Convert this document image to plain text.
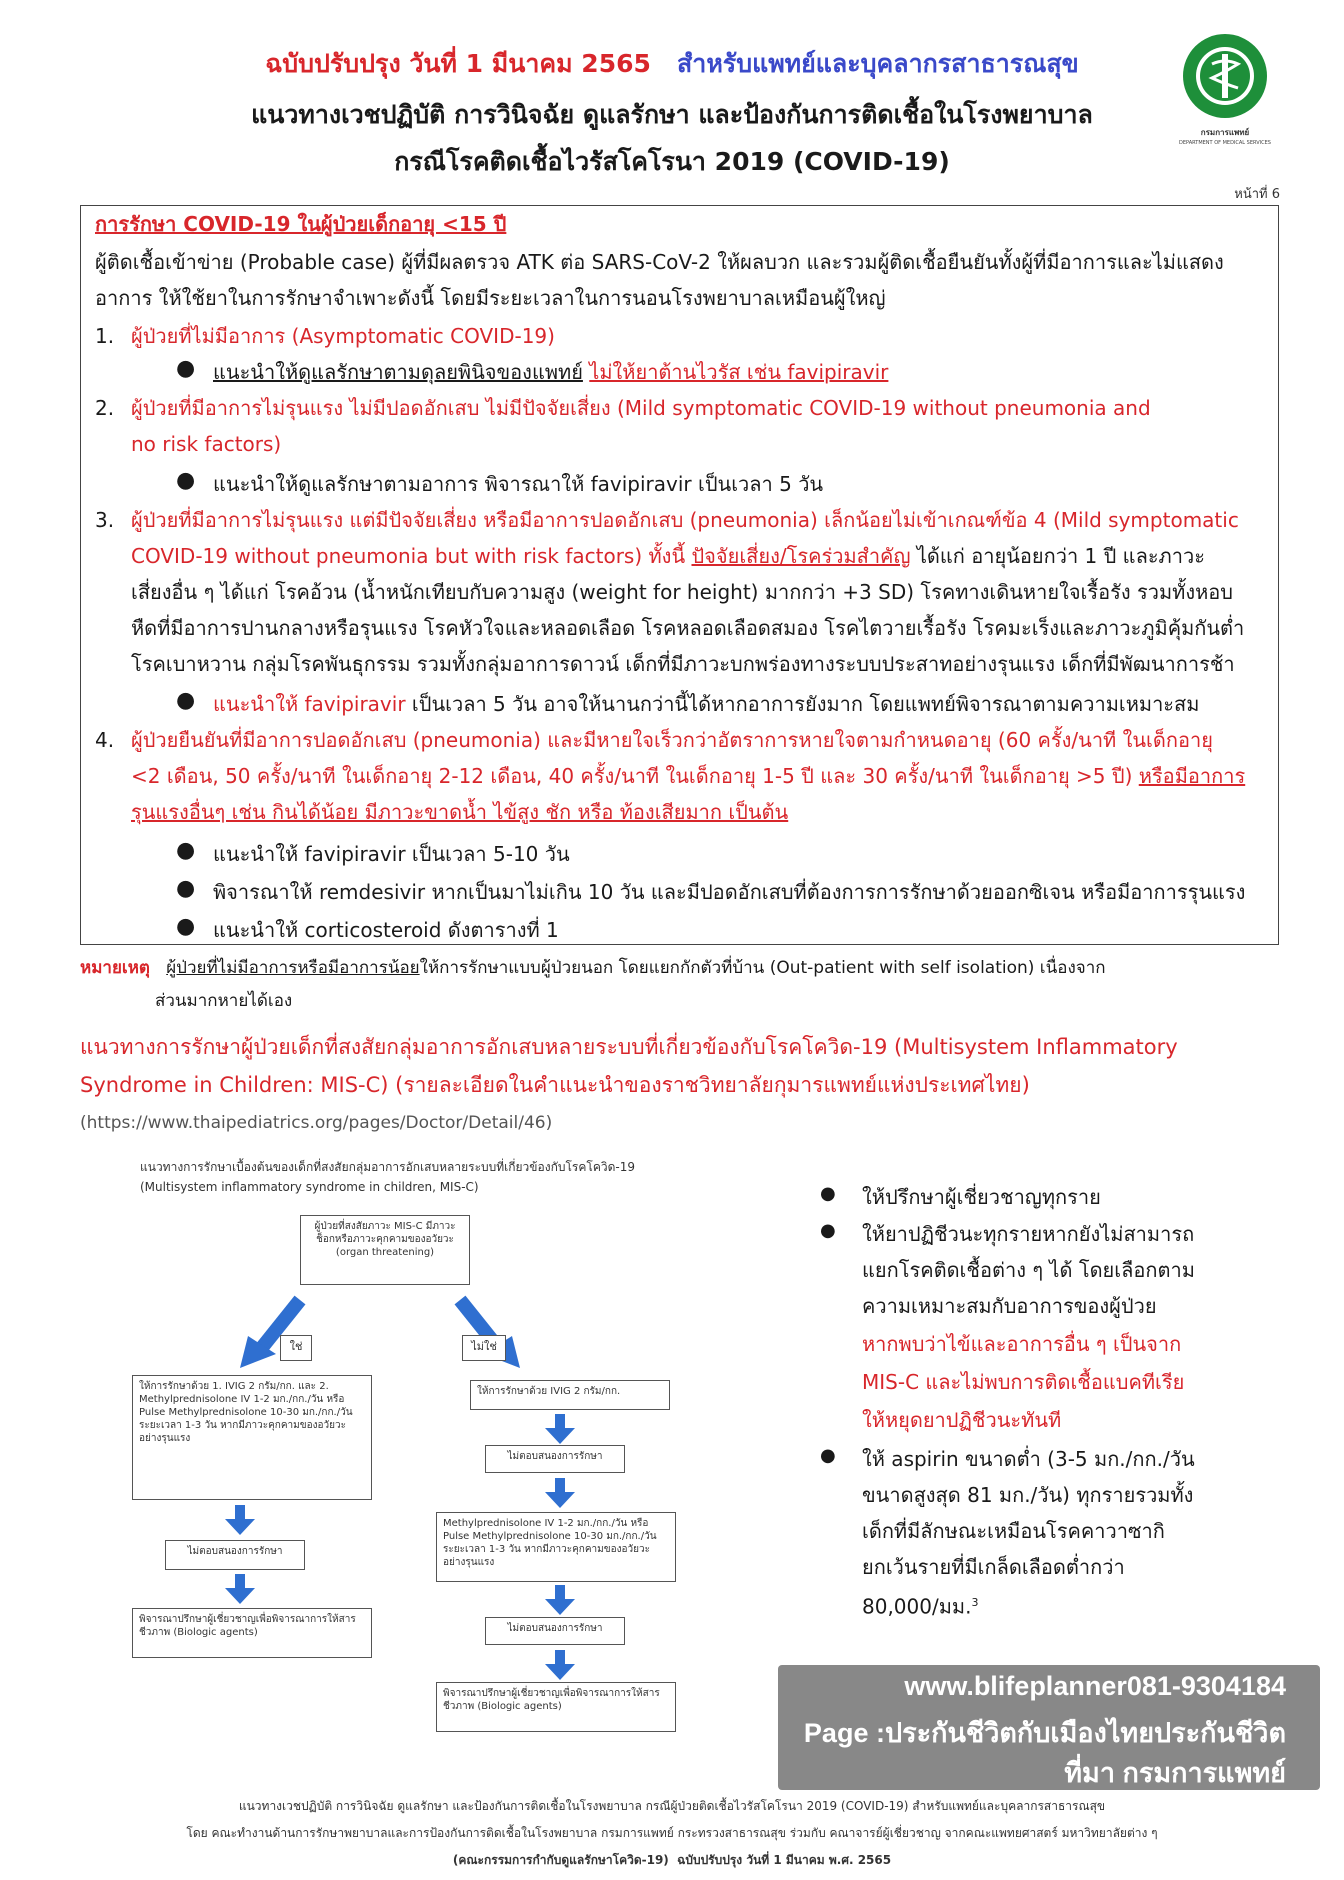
ฉบับปรับปรุง วันที่ 1 มีนาคม 2565 สำหรับแพทย์และบุคลากรสาธารณสุข
แนวทางเวชปฏิบัติ การวินิจฉัย ดูแลรักษา และป้องกันการติดเชื้อในโรงพยาบาล
กรณีโรคติดเชื้อไวรัสโคโรนา 2019 (COVID-19)
กรมการแพทย์
DEPARTMENT OF MEDICAL SERVICES
หน้าที่ 6
การรักษา COVID-19 ในผู้ป่วยเด็กอายุ <15 ปี
ผู้ติดเชื้อเข้าข่าย (Probable case) ผู้ที่มีผลตรวจ ATK ต่อ SARS-CoV-2 ให้ผลบวก และรวมผู้ติดเชื้อยืนยันทั้งผู้ที่มีอาการและไม่แสดง
อาการ ให้ใช้ยาในการรักษาจำเพาะดังนี้ โดยมีระยะเวลาในการนอนโรงพยาบาลเหมือนผู้ใหญ่
1. ผู้ป่วยที่ไม่มีอาการ (Asymptomatic COVID-19)
● แนะนำให้ดูแลรักษาตามดุลยพินิจของแพทย์ ไม่ให้ยาต้านไวรัส เช่น favipiravir
2. ผู้ป่วยที่มีอาการไม่รุนแรง ไม่มีปอดอักเสบ ไม่มีปัจจัยเสี่ยง (Mild symptomatic COVID-19 without pneumonia and
no risk factors)
● แนะนำให้ดูแลรักษาตามอาการ พิจารณาให้ favipiravir เป็นเวลา 5 วัน
3. ผู้ป่วยที่มีอาการไม่รุนแรง แต่มีปัจจัยเสี่ยง หรือมีอาการปอดอักเสบ (pneumonia) เล็กน้อยไม่เข้าเกณฑ์ข้อ 4 (Mild symptomatic
COVID-19 without pneumonia but with risk factors) ทั้งนี้ ปัจจัยเสี่ยง/โรคร่วมสำคัญ ได้แก่ อายุน้อยกว่า 1 ปี และภาวะ
เสี่ยงอื่น ๆ ได้แก่ โรคอ้วน (น้ำหนักเทียบกับความสูง (weight for height) มากกว่า +3 SD) โรคทางเดินหายใจเรื้อรัง รวมทั้งหอบ
หืดที่มีอาการปานกลางหรือรุนแรง โรคหัวใจและหลอดเลือด โรคหลอดเลือดสมอง โรคไตวายเรื้อรัง โรคมะเร็งและภาวะภูมิคุ้มกันต่ำ
โรคเบาหวาน กลุ่มโรคพันธุกรรม รวมทั้งกลุ่มอาการดาวน์ เด็กที่มีภาวะบกพร่องทางระบบประสาทอย่างรุนแรง เด็กที่มีพัฒนาการช้า
● แนะนำให้ favipiravir เป็นเวลา 5 วัน อาจให้นานกว่านี้ได้หากอาการยังมาก โดยแพทย์พิจารณาตามความเหมาะสม
4. ผู้ป่วยยืนยันที่มีอาการปอดอักเสบ (pneumonia) และมีหายใจเร็วกว่าอัตราการหายใจตามกำหนดอายุ (60 ครั้ง/นาที ในเด็กอายุ
<2 เดือน, 50 ครั้ง/นาที ในเด็กอายุ 2-12 เดือน, 40 ครั้ง/นาที ในเด็กอายุ 1-5 ปี และ 30 ครั้ง/นาที ในเด็กอายุ >5 ปี) หรือมีอาการ
รุนแรงอื่นๆ เช่น กินได้น้อย มีภาวะขาดน้ำ ไข้สูง ชัก หรือ ท้องเสียมาก เป็นต้น
● แนะนำให้ favipiravir เป็นเวลา 5-10 วัน
● พิจารณาให้ remdesivir หากเป็นมาไม่เกิน 10 วัน และมีปอดอักเสบที่ต้องการการรักษาด้วยออกซิเจน หรือมีอาการรุนแรง
● แนะนำให้ corticosteroid ดังตารางที่ 1
หมายเหตุ ผู้ป่วยที่ไม่มีอาการหรือมีอาการน้อยให้การรักษาแบบผู้ป่วยนอก โดยแยกกักตัวที่บ้าน (Out-patient with self isolation) เนื่องจาก
ส่วนมากหายได้เอง
แนวทางการรักษาผู้ป่วยเด็กที่สงสัยกลุ่มอาการอักเสบหลายระบบที่เกี่ยวข้องกับโรคโควิด-19 (Multisystem Inflammatory
Syndrome in Children: MIS-C) (รายละเอียดในคำแนะนำของราชวิทยาลัยกุมารแพทย์แห่งประเทศไทย)
(https://www.thaipediatrics.org/pages/Doctor/Detail/46)
แนวทางการรักษาเบื้องต้นของเด็กที่สงสัยกลุ่มอาการอักเสบหลายระบบที่เกี่ยวข้องกับโรคโควิด-19
(Multisystem inflammatory syndrome in children, MIS-C)
ผู้ป่วยที่สงสัยภาวะ MIS-C มีภาวะช็อกหรือภาวะคุกคามของอวัยวะ (organ threatening)
ใช่	ไม่ใช่
ให้การรักษาด้วย 1. IVIG 2 กรัม/กก. และ 2. Methylprednisolone IV 1-2 มก./กก./วัน หรือ Pulse Methylprednisolone 10-30 มก./กก./วัน ระยะเวลา 1-3 วัน หากมีภาวะคุกคามของอวัยวะอย่างรุนแรง
ให้การรักษาด้วย IVIG 2 กรัม/กก.
ไม่ตอบสนองการรักษา
ไม่ตอบสนองการรักษา
Methylprednisolone IV 1-2 มก./กก./วัน หรือ Pulse Methylprednisolone 10-30 มก./กก./วัน ระยะเวลา 1-3 วัน หากมีภาวะคุกคามของอวัยวะอย่างรุนแรง
พิจารณาปรึกษาผู้เชี่ยวชาญเพื่อพิจารณาการให้สารชีวภาพ (Biologic agents)	ไม่ตอบสนองการรักษา
พิจารณาปรึกษาผู้เชี่ยวชาญเพื่อพิจารณาการให้สารชีวภาพ (Biologic agents)
● ให้ปรึกษาผู้เชี่ยวชาญทุกราย
● ให้ยาปฏิชีวนะทุกรายหากยังไม่สามารถ
แยกโรคติดเชื้อต่าง ๆ ได้ โดยเลือกตาม
ความเหมาะสมกับอาการของผู้ป่วย
หากพบว่าไข้และอาการอื่น ๆ เป็นจาก
MIS-C และไม่พบการติดเชื้อแบคทีเรีย
ให้หยุดยาปฏิชีวนะทันที
● ให้ aspirin ขนาดต่ำ (3-5 มก./กก./วัน
ขนาดสูงสุด 81 มก./วัน) ทุกรายรวมทั้ง
เด็กที่มีลักษณะเหมือนโรคคาวาซากิ
ยกเว้นรายที่มีเกล็ดเลือดต่ำกว่า
80,000/มม.$^3$
www.blifeplanner081-9304184
Page :ประกันชีวิตกับเมืองไทยประกันชีวิต
ที่มา กรมการแพทย์
แนวทางเวชปฏิบัติ การวินิจฉัย ดูแลรักษา และป้องกันการติดเชื้อในโรงพยาบาล กรณีผู้ป่วยติดเชื้อไวรัสโคโรนา 2019 (COVID-19) สำหรับแพทย์และบุคลากรสาธารณสุข
โดย คณะทำงานด้านการรักษาพยาบาลและการป้องกันการติดเชื้อในโรงพยาบาล กรมการแพทย์ กระทรวงสาธารณสุข ร่วมกับ คณาจารย์ผู้เชี่ยวชาญ จากคณะแพทยศาสตร์ มหาวิทยาลัยต่าง ๆ
(คณะกรรมการกำกับดูแลรักษาโควิด-19) ฉบับปรับปรุง วันที่ 1 มีนาคม พ.ศ. 2565
